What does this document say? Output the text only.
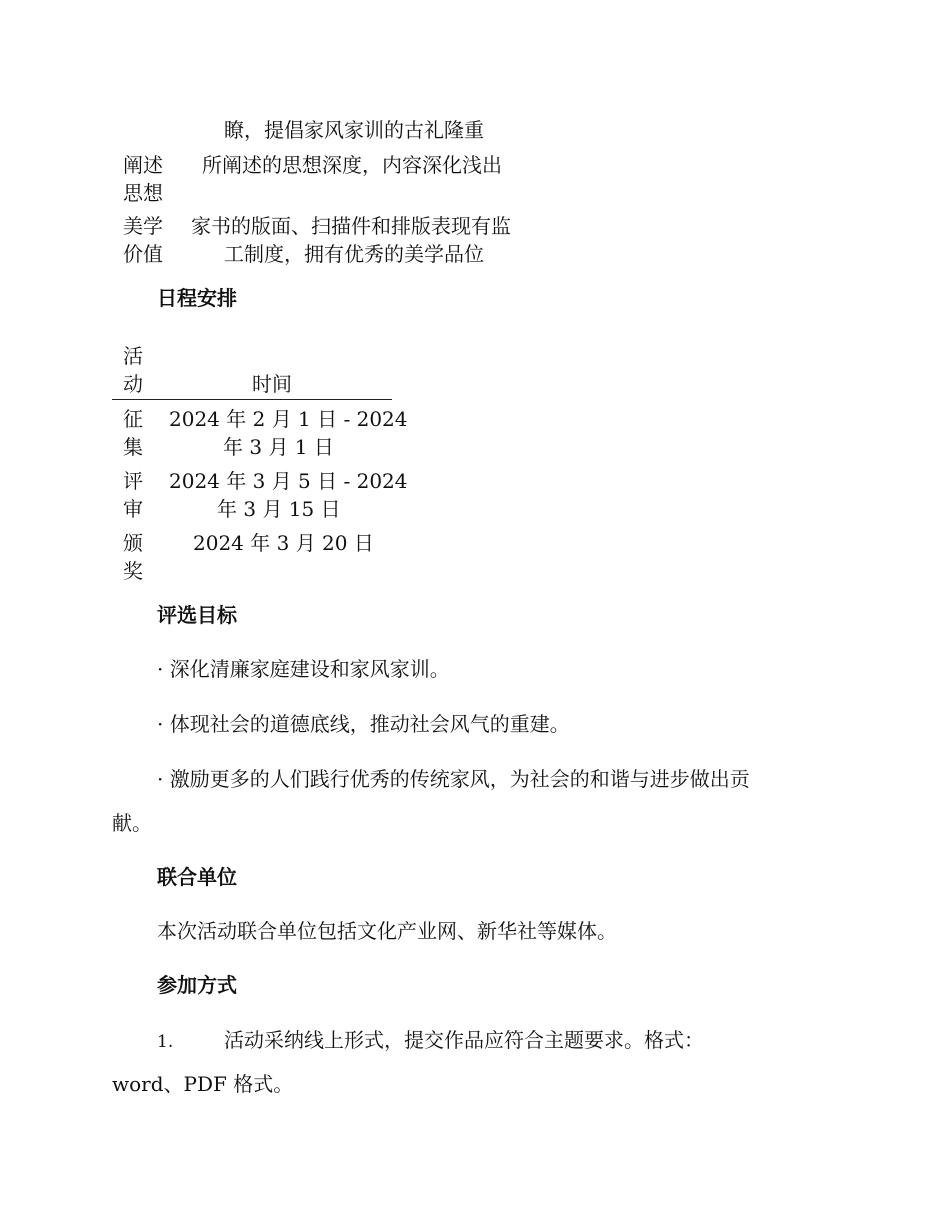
瞭，提倡家风家训的古礼隆重
阐述
思想
所阐述的思想深度，内容深化浅出
美学
价值
家书的版面、扫描件和排版表现有监
工制度，拥有优秀的美学品位
日程安排
活
动	时间
征
集
2024 年 2 月 1 日 - 2024
年 3 月 1 日
评
审
2024 年 3 月 5 日 - 2024
年 3 月 15 日
颁
奖
2024 年 3 月 20 日
评选目标
· 深化清廉家庭建设和家风家训。
· 体现社会的道德底线，推动社会风气的重建。
· 激励更多的人们践行优秀的传统家风，为社会的和谐与进步做出贡
献。
联合单位
本次活动联合单位包括文化产业网、新华社等媒体。
参加方式
1.	活动采纳线上形式，提交作品应符合主题要求。格式：
word、PDF 格式。
